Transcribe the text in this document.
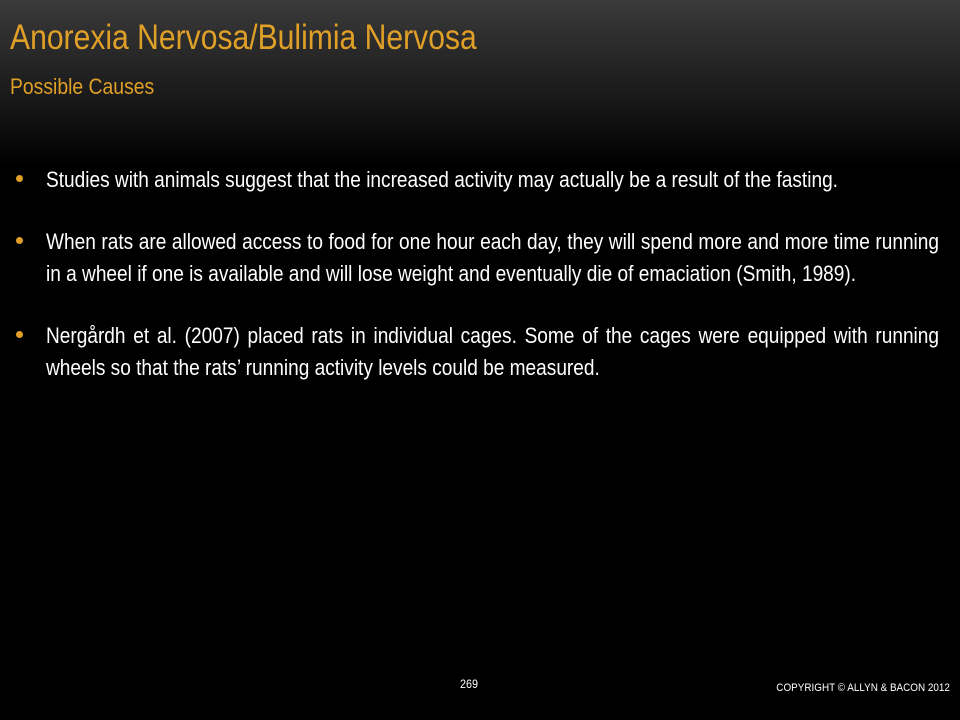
Anorexia Nervosa/Bulimia Nervosa
Possible Causes
Studies with animals suggest that the increased activity may actually be a result of the fasting.
When rats are allowed access to food for one hour each day, they will spend more and more time running in a wheel if one is available and will lose weight and eventually die of emaciation (Smith, 1989).
Nergårdh et al. (2007) placed rats in individual cages. Some of the cages were equipped with running wheels so that the rats’ running activity levels could be measured.
269	COPYRIGHT © ALLYN & BACON 2012
